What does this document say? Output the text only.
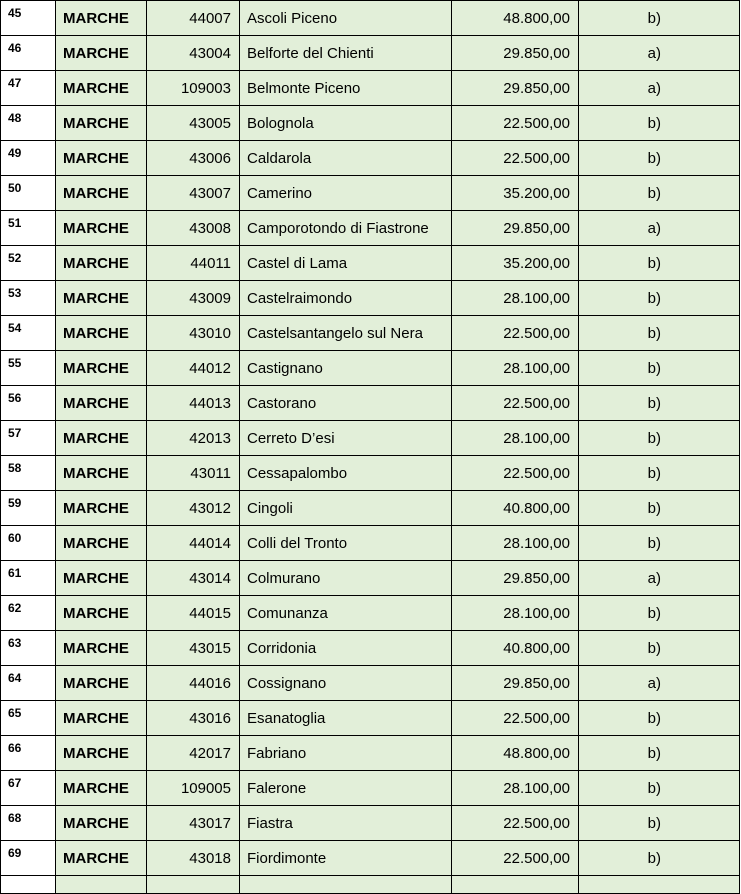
45	MARCHE	44007	Ascoli Piceno	48.800,00	b)
46	MARCHE	43004	Belforte del Chienti	29.850,00	a)
47	MARCHE	109003	Belmonte Piceno	29.850,00	a)
48	MARCHE	43005	Bolognola	22.500,00	b)
49	MARCHE	43006	Caldarola	22.500,00	b)
50	MARCHE	43007	Camerino	35.200,00	b)
51	MARCHE	43008	Camporotondo di Fiastrone	29.850,00	a)
52	MARCHE	44011	Castel di Lama	35.200,00	b)
53	MARCHE	43009	Castelraimondo	28.100,00	b)
54	MARCHE	43010	Castelsantangelo sul Nera	22.500,00	b)
55	MARCHE	44012	Castignano	28.100,00	b)
56	MARCHE	44013	Castorano	22.500,00	b)
57	MARCHE	42013	Cerreto D’esi	28.100,00	b)
58	MARCHE	43011	Cessapalombo	22.500,00	b)
59	MARCHE	43012	Cingoli	40.800,00	b)
60	MARCHE	44014	Colli del Tronto	28.100,00	b)
61	MARCHE	43014	Colmurano	29.850,00	a)
62	MARCHE	44015	Comunanza	28.100,00	b)
63	MARCHE	43015	Corridonia	40.800,00	b)
64	MARCHE	44016	Cossignano	29.850,00	a)
65	MARCHE	43016	Esanatoglia	22.500,00	b)
66	MARCHE	42017	Fabriano	48.800,00	b)
67	MARCHE	109005	Falerone	28.100,00	b)
68	MARCHE	43017	Fiastra	22.500,00	b)
69	MARCHE	43018	Fiordimonte	22.500,00	b)
